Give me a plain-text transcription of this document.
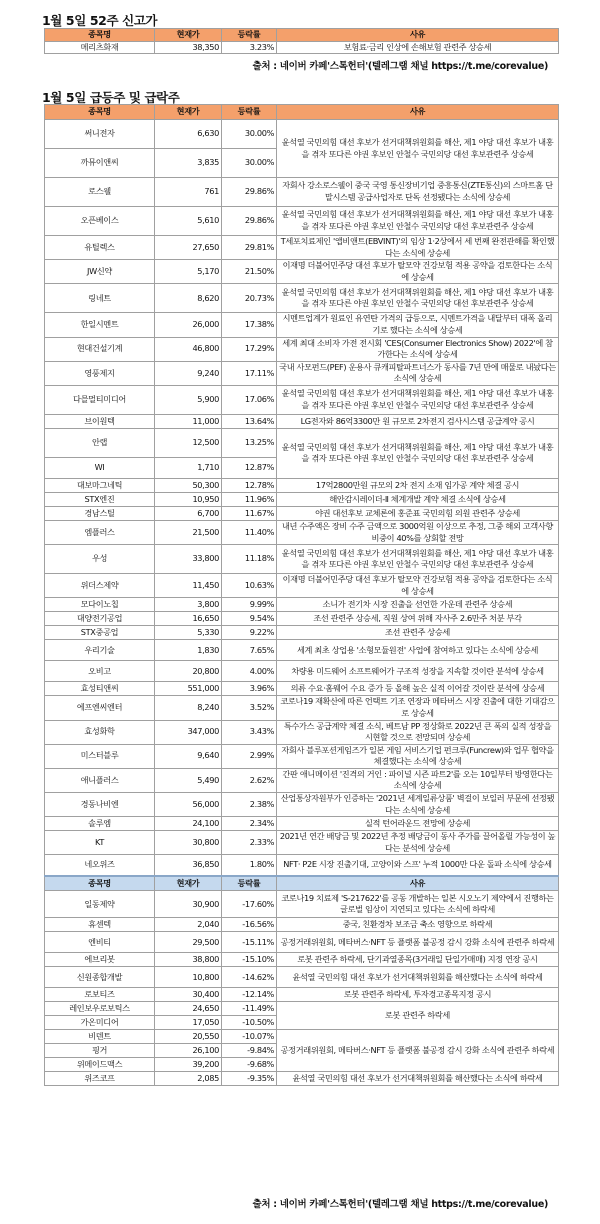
1월 5일 52주 신고가
종목명	현재가	등락률	사유
메리츠화재	38,350	3.23%	보험료·금리 인상에 손해보험 관련주 상승세
출처 : 네이버 카페'스톡헌터'(텔레그램 채널 https://t.me/corevalue)
1월 5일 급등주 및 급락주
종목명	현재가	등락률	사유
써니전자	6,630	30.00%	윤석열 국민의힘 대선 후보가 선거대책위원회를 해산, 제1 야당 대선 후보가 내홍을 겪자 또다른 야권 후보인 안철수 국민의당 대선 후보관련주 상승세
까뮤이앤씨	3,835	30.00%	
로스웰	761	29.86%	자회사 강소로스웰이 중국 국영 통신장비기업 중흥통신(ZTE통신)의 스마트홈 단말시스템 공급사업자로 단독 선정됐다는 소식에 상승세
오픈베이스	5,610	29.86%	윤석열 국민의힘 대선 후보가 선거대책위원회를 해산, 제1 야당 대선 후보가 내홍을 겪자 또다른 야권 후보인 안철수 국민의당 대선 후보관련주 상승세
유틸렉스	27,650	29.81%	T세포치료제인 '앱비앤트(EBVINT)'의 임상 1·2상에서 세 번째 완전관해를 확인했다는 소식에 상승세
JW신약	5,170	21.50%	이재명 더불어민주당 대선 후보가 탈모약 건강보험 적용 공약을 검토한다는 소식에 상승세
링네트	8,620	20.73%	윤석열 국민의힘 대선 후보가 선거대책위원회를 해산, 제1 야당 대선 후보가 내홍을 겪자 또다른 야권 후보인 안철수 국민의당 대선 후보관련주 상승세
한일시멘트	26,000	17.38%	시멘트업계가 원료인 유연탄 가격의 급등으로, 시멘트가격을 내달부터 대폭 올리기로 했다는 소식에 상승세
현대건설기계	46,800	17.29%	세계 최대 소비자 가전 전시회 'CES(Consumer Electronics Show) 2022'에 참가한다는 소식에 상승세
영풍제지	9,240	17.11%	국내 사모펀드(PEF) 운용사 큐캐피탈파트너스가 동사를 7년 만에 매물로 내놨다는 소식에 상승세
다믈멀티미디어	5,900	17.06%	윤석열 국민의힘 대선 후보가 선거대책위원회를 해산, 제1 야당 대선 후보가 내홍을 겪자 또다른 야권 후보인 안철수 국민의당 대선 후보관련주 상승세
브이원텍	11,000	13.64%	LG전자와 86억3300만 원 규모로 2차전지 검사시스템 공급계약 공시
안랩	12,500	13.25%	윤석열 국민의힘 대선 후보가 선거대책위원회를 해산, 제1 야당 대선 후보가 내홍을 겪자 또다른 야권 후보인 안철수 국민의당 대선 후보관련주 상승세
WI	1,710	12.87%	
대보마그네틱	50,300	12.78%	17억2800만원 규모의 2차 전지 소재 임가공 계약 체결 공시
STX엔진	10,950	11.96%	해안감시레이더-Ⅱ 체계개발 계약 체결 소식에 상승세
경남스틸	6,700	11.67%	야권 대선후보 교체론에 홍준표 국민의힘 의원 관련주 상승세
엠플러스	21,500	11.40%	내년 수주액은 장비 수주 금액으로 3000억원 이상으로 추정, 그중 해외 고객사향 비중이 40%를 상회할 전망
우성	33,800	11.18%	윤석열 국민의힘 대선 후보가 선거대책위원회를 해산, 제1 야당 대선 후보가 내홍을 겪자 또다른 야권 후보인 안철수 국민의당 대선 후보관련주 상승세
위더스제약	11,450	10.63%	이재명 더불어민주당 대선 후보가 탈모약 건강보험 적용 공약을 검토한다는 소식에 상승세
모다이노칩	3,800	9.99%	소니가 전기차 시장 진출을 선언한 가운데 관련주 상승세
대양전기공업	16,650	9.54%	조선 관련주 상승세, 직원 상여 위해 자사주 2.6만주 처분 부각
STX중공업	5,330	9.22%	조선 관련주 상승세
우리기술	1,830	7.65%	세계 최초 상업용 '소형모듈원전' 사업에 참여하고 있다는 소식에 상승세
오비고	20,800	4.00%	차량용 미드웨어 소프트웨어가 구조적 성장을 지속할 것이란 분석에 상승세
효성티앤씨	551,000	3.96%	의류 수요·홈웨어 수요 증가 등 올해 높은 실적 이어갈 것이란 분석에 상승세
에프엔씨엔터	8,240	3.52%	코로나19 재확산에 따른 언택트 기조 연장과 메타버스 시장 진출에 대한 기대감으로 상승세
효성화학	347,000	3.43%	특수가스 공급계약 체결 소식, 베트남 PP 정상화로 2022년 큰 폭의 실적 성장을 시현할 것으로 전망되며 상승세
미스터블루	9,640	2.99%	자회사 블루포션게임즈가 일본 게임 서비스기업 펀크루(Funcrew)와 업무 협약을 체결했다는 소식에 상승세
애니플러스	5,490	2.62%	간판 애니메이션 '진격의 거인 : 파이널 시즌 파트2'를 오는 10일부터 방영한다는 소식에 상승세
경동나비엔	56,000	2.38%	산업통상자원부가 인증하는 '2021년 세계일류상품' 벽걸이 보일러 부문에 선정됐다는 소식에 상승세
솔루엠	24,100	2.34%	실적 턴어라운드 전망에 상승세
KT	30,800	2.33%	2021년 연간 배당금 및 2022년 추정 배당금이 동사 주가를 끌어올릴 가능성이 높다는 분석에 상승세
네오위즈	36,850	1.80%	NFT· P2E 시장 진출기대, 고양이와 스프' 누적 1000만 다운 돌파 소식에 상승세
종목명	현재가	등락률	사유
일동제약	30,900	-17.60%	코로나19 치료제 'S-217622'를 공동 개발하는 일본 시오노기 제약에서 진행하는 글로벌 임상이 지연되고 있다는 소식에 하락세
휴센텍	2,040	-16.56%	중국, 친환경차 보조금 축소 영향으로 하락세
엔비티	29,500	-15.11%	공정거래위원회, 메타버스·NFT 등 플랫폼 불공정 감시 강화 소식에 관련주 하락세
에브리봇	38,800	-15.10%	로봇 관련주 하락세, 단기과열종목(3거래일 단일가매매) 지정 연장 공시
신원종합개발	10,800	-14.62%	윤석열 국민의힘 대선 후보가 선거대책위원회를 해산했다는 소식에 하락세
로보티즈	30,400	-12.14%	로봇 관련주 하락세, 투자경고종목지정 공시
레인보우로보틱스	24,650	-11.49%	로봇 관련주 하락세
가온미디어	17,050	-10.50%	
비덴트	20,550	-10.07%	공정거래위원회, 메타버스·NFT 등 플랫폼 불공정 감시 강화 소식에 관련주 하락세
핑거	26,100	-9.84%	
위메이드맥스	39,200	-9.68%	
위즈코프	2,085	-9.35%	윤석열 국민의힘 대선 후보가 선거대책위원회를 해산했다는 소식에 하락세
출처 : 네이버 카페'스톡헌터'(텔레그램 채널 https://t.me/corevalue)
